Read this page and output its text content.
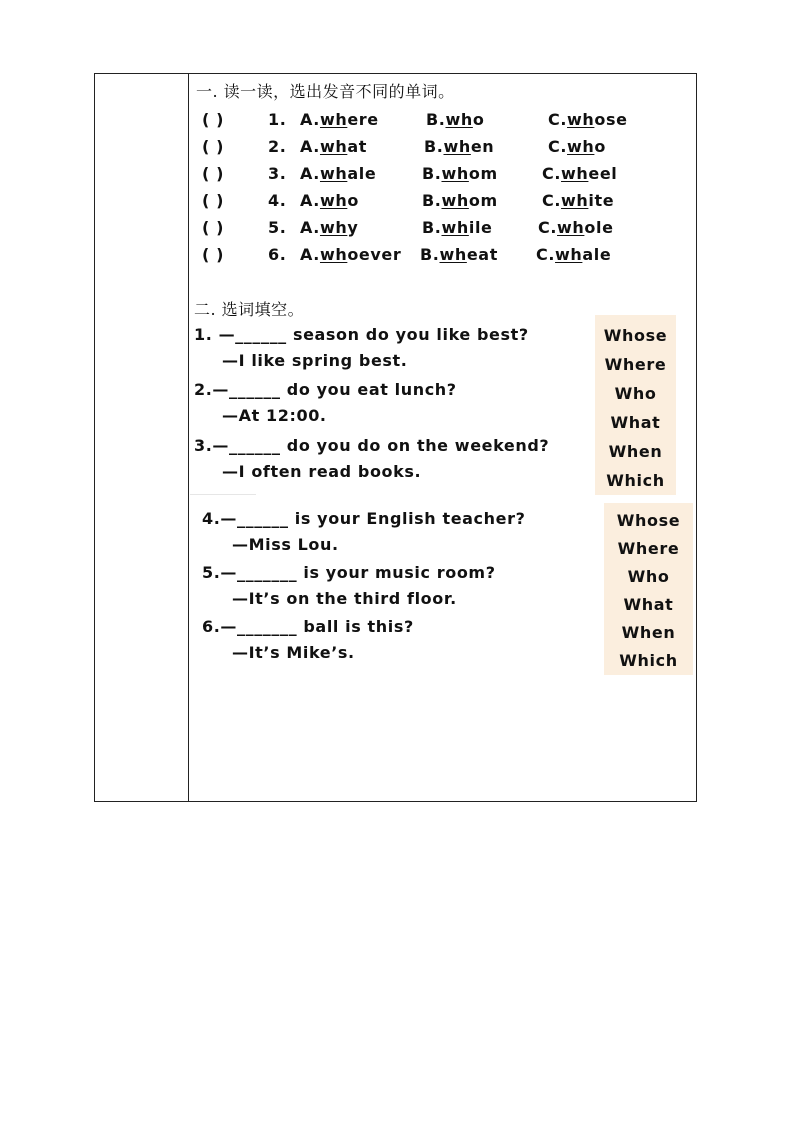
一. 读一读，选出发音不同的单词。
( )	1. A.where	B.who	C.whose
( )	2. A.what	B.when	C.who
( )	3. A.whale	B.whom	C.wheel
( )	4. A.who	B.whom	C.white
( )	5. A.why	B.while	C.whole
( )	6. A.whoever B.wheat C.whale
二. 选词填空。
1. —______ season do you like best?
—I like spring best.
2.—______ do you eat lunch?
—At 12:00.
3.—______ do you do on the weekend?
—I often read books.
Whose
Where
Who
What
When
Which
4.—______ is your English teacher?
—Miss Lou.
5.—_______ is your music room?
—It’s on the third floor.
6.—_______ ball is this?
—It’s Mike’s.
Whose
Where
Who
What
When
Which
